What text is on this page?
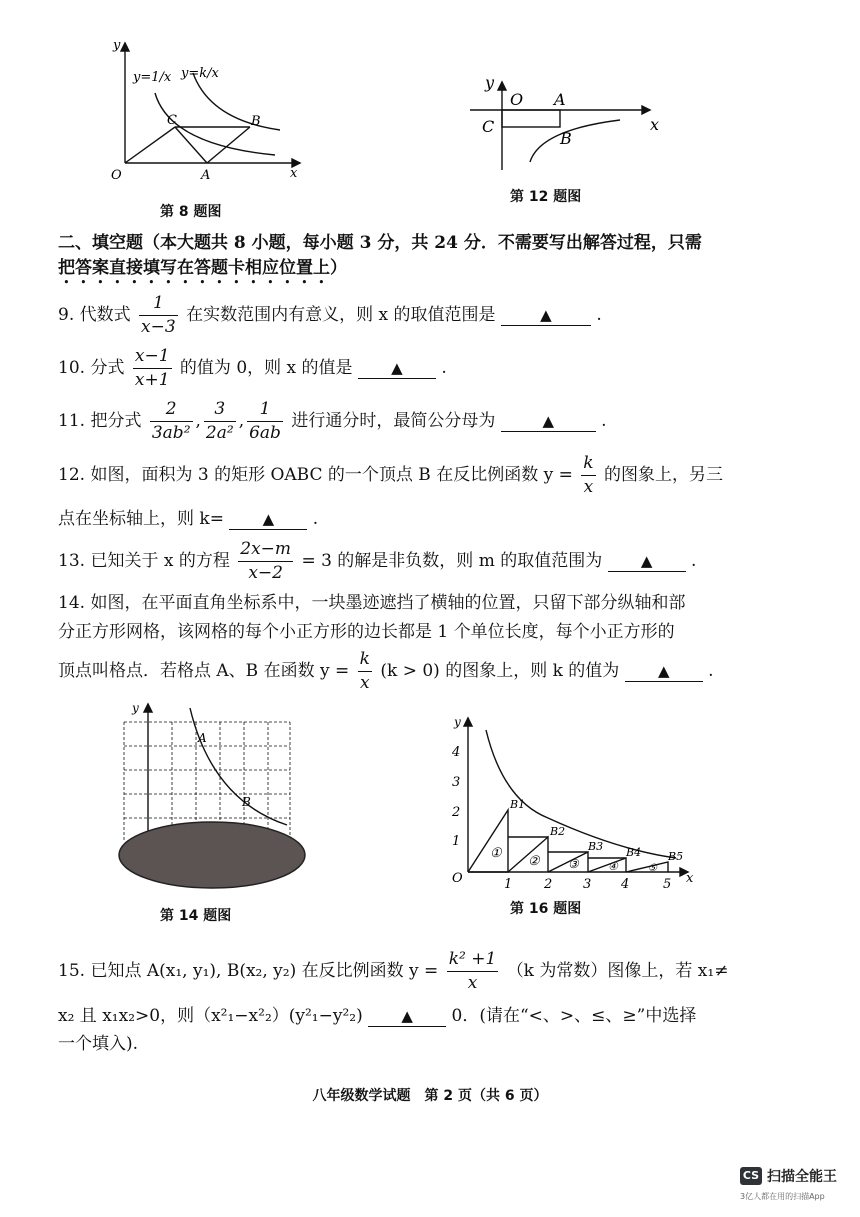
y
x
O	A
B
C
y=1/x y=k/x
第 8 题图
y
O A
C
B
x
第 12 题图
二、填空题（本大题共 8 小题，每小题 3 分，共 24 分．不需要写出解答过程，只需
把答案直接填写在答题卡相应位置上）
9. 代数式 $\frac{1}{x-3}$ 在实数范围内有意义，则 x 的取值范围是	▲	.
10. 分式 $\frac{x-1}{x+1}$ 的值为 0，则 x 的值是	▲ .
11. 把分式 $\frac{2}{\text{3ab²}}$ , $\frac{3}{\text{2a²}}$ , $\frac{1}{6ab}$ 进行通分时，最简公分母为	▲	.
12. 如图，面积为 3 的矩形 OABC 的一个顶点 B 在反比例函数 $y = \frac{k}{x}$ 的图象上，另三
点在坐标轴上，则 k=	▲ .
13. 已知关于 x 的方程 $\frac{2x-m}{x-2} = 3$ 的解是非负数，则 m 的取值范围为	▲ .
14. 如图，在平面直角坐标系中，一块墨迹遮挡了横轴的位置，只留下部分纵轴和部
分正方形网格，该网格的每个小正方形的边长都是 1 个单位长度，每个小正方形的
顶点叫格点．若格点 A、B 在函数 $y = \frac{k}{x} (k > 0)$ 的图象上，则 k 的值为	▲ .
y
A
B
第 14 题图
y
x
O
4
3
2
1
1 2 3 4	5
B1
B2
B3 B4 B5
①
② ③	④	⑤
第 16 题图
15. 已知点 A(x₁, y₁), B(x₂, y₂) 在反比例函数 $y = \frac{\text{k² +1}}{x} (k$ 为常数）图像上，若 x₁≠
x₂ 且 x₁x₂>0，则（x²₁−x²₂）(y²₁−y²₂)	▲ 0．(请在“<、>、≤、≥”中选择
一个填入).
八年级数学试题　第 2 页（共 6 页）
CS 扫描全能王
3亿人都在用的扫描App
